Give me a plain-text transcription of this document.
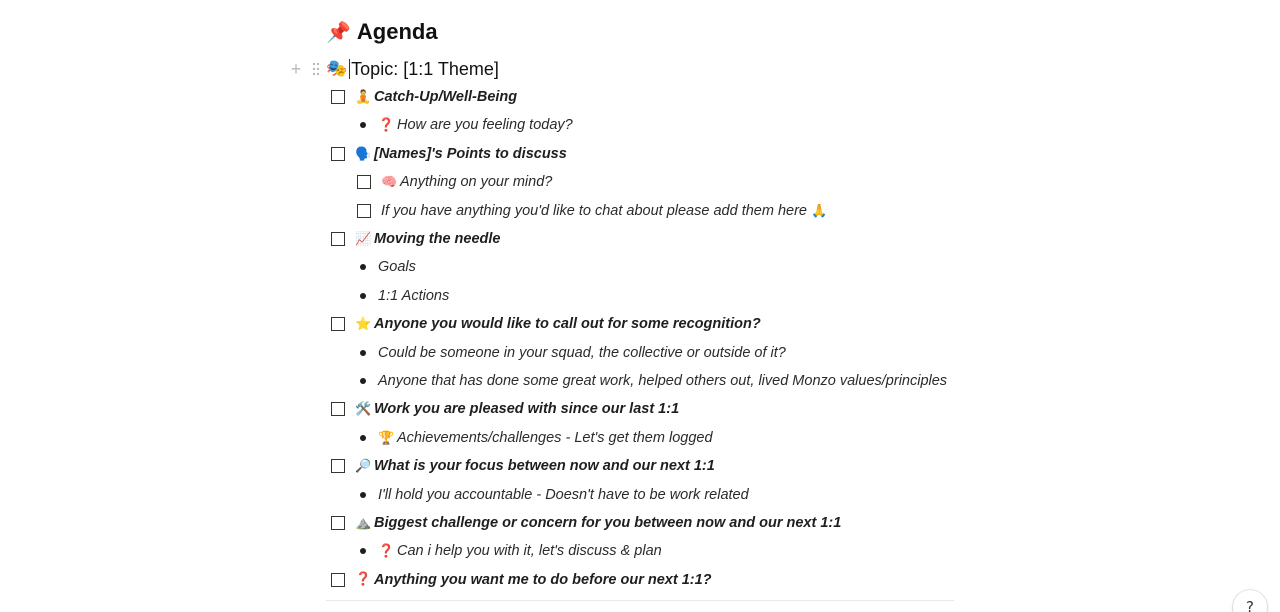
📌 Agenda
+ 🎭 Topic: [1:1 Theme]
🧘 Catch-Up/Well-Being
❓ How are you feeling today?
🗣️ [Names]'s Points to discuss
🧠 Anything on your mind?
If you have anything you'd like to chat about please add them here 🙏
📈 Moving the needle
Goals
1:1 Actions
⭐ Anyone you would like to call out for some recognition?
Could be someone in your squad, the collective or outside of it?
Anyone that has done some great work, helped others out, lived Monzo values/principles
🛠️ Work you are pleased with since our last 1:1
🏆 Achievements/challenges - Let's get them logged
🔎 What is your focus between now and our next 1:1
I'll hold you accountable - Doesn't have to be work related
⛰️ Biggest challenge or concern for you between now and our next 1:1
❓ Can i help you with it, let's discuss & plan
❓ Anything you want me to do before our next 1:1?
?
